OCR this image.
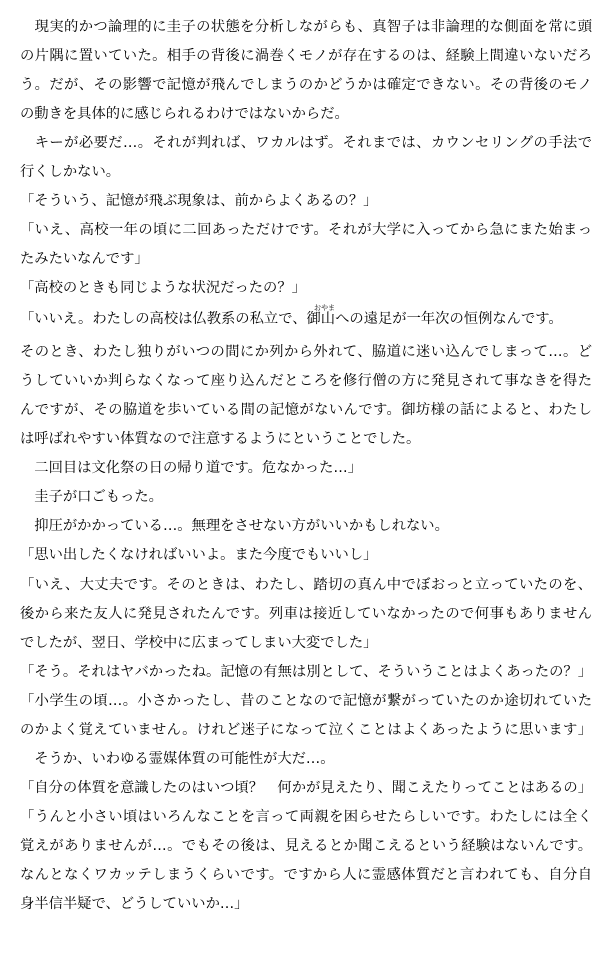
　現実的かつ論理的に圭子の状態を分析しながらも、真智子は非論理的な側面を常に頭
の片隅に置いていた。相手の背後に渦巻くモノが存在するのは、経験上間違いないだろ
う。だが、その影響で記憶が飛んでしまうのかどうかは確定できない。その背後のモノ
の動きを具体的に感じられるわけではないからだ。
　キーが必要だ…。それが判れば、ワカルはず。それまでは、カウンセリングの手法で
行くしかない。
「そういう、記憶が飛ぶ現象は、前からよくあるの？」
「いえ、高校一年の頃に二回あっただけです。それが大学に入ってから急にまた始まっ
たみたいなんです」
「高校のときも同じような状況だったの？」
おやま
「いいえ。わたしの高校は仏教系の私立で、御山への遠足が一年次の恒例なんです。
そのとき、わたし独りがいつの間にか列から外れて、脇道に迷い込んでしまって…。ど
うしていいか判らなくなって座り込んだところを修行僧の方に発見されて事なきを得た
んですが、その脇道を歩いている間の記憶がないんです。御坊様の話によると、わたし
は呼ばれやすい体質なので注意するようにということでした。
　二回目は文化祭の日の帰り道です。危なかった…」
　圭子が口ごもった。
　抑圧がかかっている…。無理をさせない方がいいかもしれない。
「思い出したくなければいいよ。また今度でもいいし」
「いえ、大丈夫です。そのときは、わたし、踏切の真ん中でぼおっと立っていたのを、
後から来た友人に発見されたんです。列車は接近していなかったので何事もありません
でしたが、翌日、学校中に広まってしまい大変でした」
「そう。それはヤバかったね。記憶の有無は別として、そういうことはよくあったの？」
「小学生の頃…。小さかったし、昔のことなので記憶が繋がっていたのか途切れていた
のかよく覚えていません。けれど迷子になって泣くことはよくあったように思います」
　そうか、いわゆる霊媒体質の可能性が大だ…。
「自分の体質を意識したのはいつ頃？　何かが見えたり、聞こえたりってことはあるの」
「うんと小さい頃はいろんなことを言って両親を困らせたらしいです。わたしには全く
覚えがありませんが…。でもその後は、見えるとか聞こえるという経験はないんです。
なんとなくワカッテしまうくらいです。ですから人に霊感体質だと言われても、自分自
身半信半疑で、どうしていいか…」
